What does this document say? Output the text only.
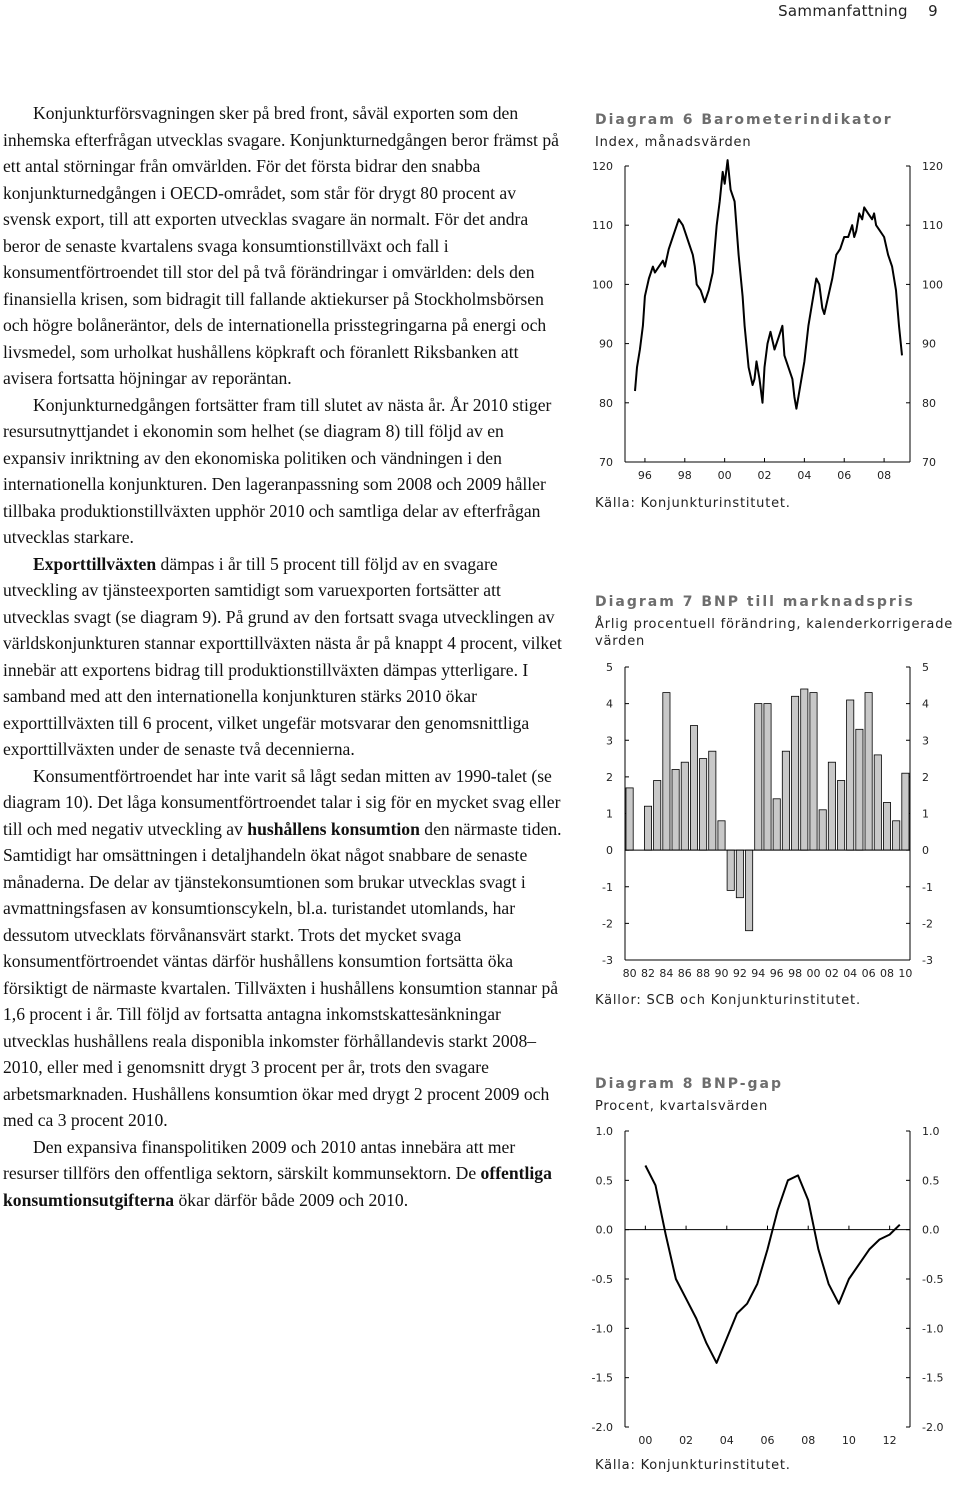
Sammanfattning 9

Konjunkturförsvagningen sker på bred front, såväl exporten som den inhemska efterfrågan utvecklas svagare. Konjunkturnedgången beror främst på ett antal störningar från omvärlden. För det första bidrar den snabba konjunkturnedgången i OECD-området, som står för drygt 80 procent av svensk export, till att exporten utvecklas svagare än normalt. För det andra beror de senaste kvartalens svaga konsumtionstillväxt och fall i konsumentförtroendet till stor del på två förändringar i omvärlden: dels den finansiella krisen, som bidragit till fallande aktiekurser på Stockholmsbörsen och högre bolåneräntor, dels de internationella prisstegringarna på energi och livsmedel, som urholkat hushållens köpkraft och föranlett Riksbanken att avisera fortsatta höjningar av reporäntan.

Konjunkturnedgången fortsätter fram till slutet av nästa år. År 2010 stiger resursutnyttjandet i ekonomin som helhet (se diagram 8) till följd av en expansiv inriktning av den ekonomiska politiken och vändningen i den internationella konjunkturen. Den lageranpassning som 2008 och 2009 håller tillbaka produktionstillväxten upphör 2010 och samtliga delar av efterfrågan utvecklas starkare.

Exporttillväxten dämpas i år till 5 procent till följd av en svagare utveckling av tjänsteexporten samtidigt som varuexporten fortsätter att utvecklas svagt (se diagram 9). På grund av den fortsatt svaga utvecklingen av världskonjunkturen stannar exporttillväxten nästa år på knappt 4 procent, vilket innebär att exportens bidrag till produktionstillväxten dämpas ytterligare. I samband med att den internationella konjunkturen stärks 2010 ökar exporttillväxten till 6 procent, vilket ungefär motsvarar den genomsnittliga exporttillväxten under de senaste två decennierna.

Konsumentförtroendet har inte varit så lågt sedan mitten av 1990-talet (se diagram 10). Det låga konsumentförtroendet talar i sig för en mycket svag eller till och med negativ utveckling av hushållens konsumtion den närmaste tiden. Samtidigt har omsättningen i detaljhandeln ökat något snabbare de senaste månaderna. De delar av tjänstekonsumtionen som brukar utvecklas svagt i avmattningsfasen av konsumtionscykeln, bl.a. turistandet utomlands, har dessutom utvecklats förvånansvärt starkt. Trots det mycket svaga konsumentförtroendet väntas därför hushållens konsumtion fortsätta öka försiktigt de närmaste kvartalen. Tillväxten i hushållens konsumtion stannar på 1,6 procent i år. Till följd av fortsatta antagna inkomstskattesänkningar utvecklas hushållens reala disponibla inkomster förhållandevis starkt 2008–2010, eller med i genomsnitt drygt 3 procent per år, trots den svagare arbetsmarknaden. Hushållens konsumtion ökar med drygt 2 procent 2009 och med ca 3 procent 2010.

Den expansiva finanspolitiken 2009 och 2010 antas innebära att mer resurser tillförs den offentliga sektorn, särskilt kommunsektorn. De offentliga konsumtionsutgifterna ökar därför både 2009 och 2010.

Diagram 6 Barometerindikator
Index, månadsvärden
70	70
80	80
90	90
100	100
110	110
120	120
96 98 00 02 04 06 08
Källa: Konjunkturinstitutet.
Diagram 7 BNP till marknadspris
Årlig procentuell förändring, kalenderkorrigerade värden
-3	-3
-2	-2
-1	-1
0	0
1	1
2	2
3	3
4	4
5	5
80 82 84 86 88 90 92 94 96 98 00 02 04 06 08 10
Källor: SCB och Konjunkturinstitutet.
Diagram 8 BNP-gap
Procent, kvartalsvärden
-2.0	-2.0
-1.5	-1.5
-1.0	-1.0
-0.5	-0.5
0.0	0.0
0.5	0.5
1.0	1.0
00 02 04 06 08 10 12
Källa: Konjunkturinstitutet.
